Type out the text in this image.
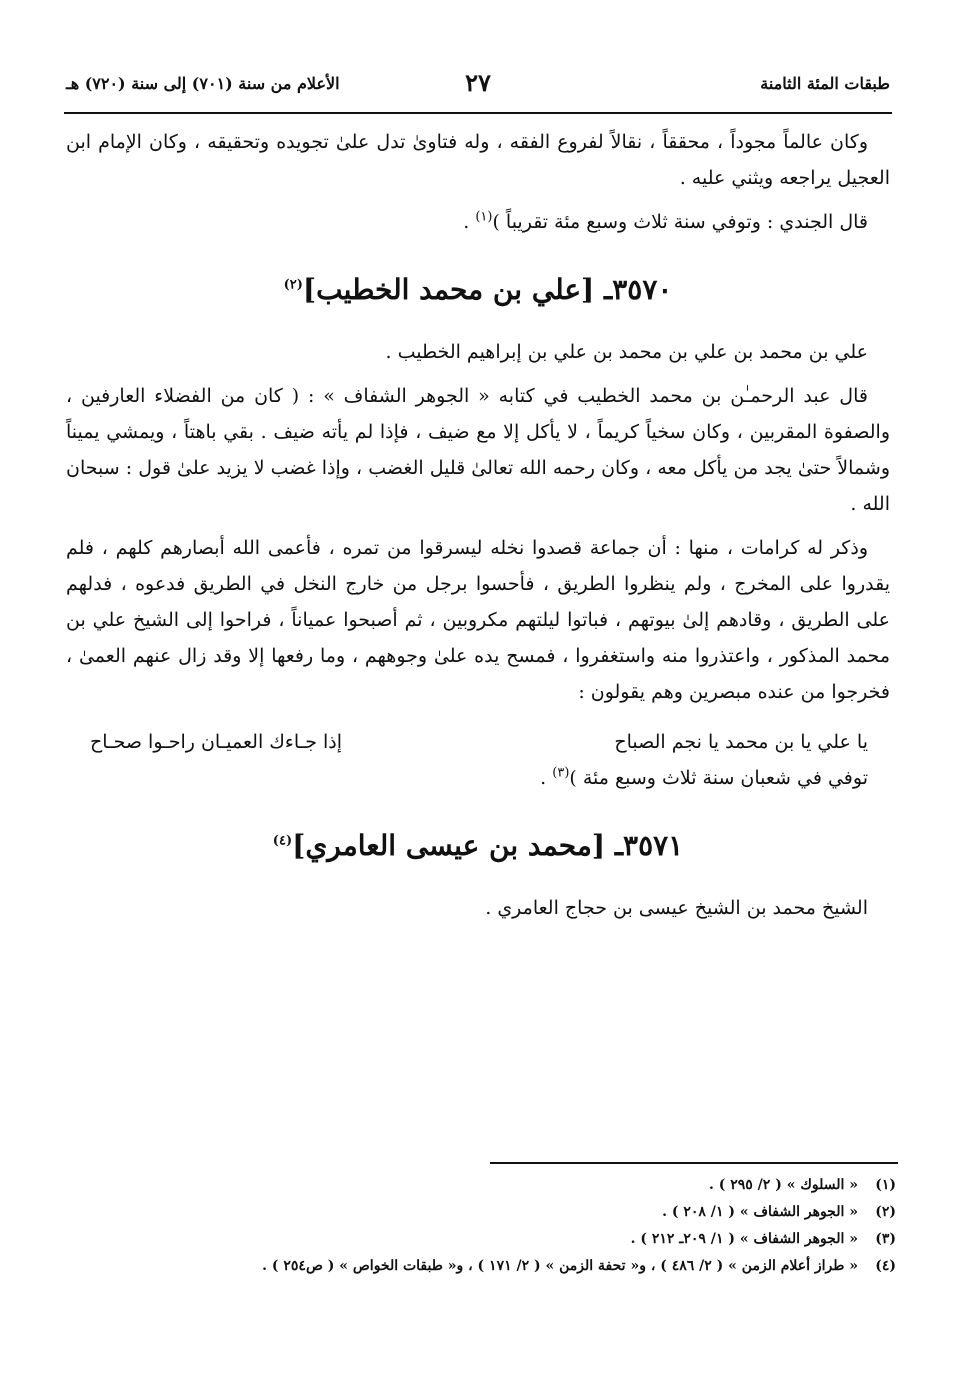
طبقات المئة الثامنة
٢٧
الأعلام من سنة (٧٠١) إلى سنة (٧٢٠) هـ

وكان عالماً مجوداً ، محققاً ، نقالاً لفروع الفقه ، وله فتاوىٰ تدل علىٰ تجويده وتحقيقه ، وكان الإمام ابن العجيل يراجعه ويثني عليه .

قال الجندي : وتوفي سنة ثلاث وسبع مئة تقريباً )$^{(١)}$ .

٣٥٧٠ـ [علي بن محمد الخطيب]$^{(٢)}$

علي بن محمد بن علي بن محمد بن علي بن إبراهيم الخطيب .

قال عبد الرحمـٰن بن محمد الخطيب في كتابه « الجوهر الشفاف » : ( كان من الفضلاء العارفين ، والصفوة المقربين ، وكان سخياً كريماً ، لا يأكل إلا مع ضيف ، فإذا لم يأته ضيف . بقي باهتاً ، ويمشي يميناً وشمالاً حتىٰ يجد من يأكل معه ، وكان رحمه الله تعالىٰ قليل الغضب ، وإذا غضب لا يزيد علىٰ قول : سبحان الله .

وذكر له كرامات ، منها : أن جماعة قصدوا نخله ليسرقوا من تمره ، فأعمى الله أبصارهم كلهم ، فلم يقدروا على المخرج ، ولم ينظروا الطريق ، فأحسوا برجل من خارج النخل في الطريق فدعوه ، فدلهم على الطريق ، وقادهم إلىٰ بيوتهم ، فباتوا ليلتهم مكروبين ، ثم أصبحوا عمياناً ، فراحوا إلى الشيخ علي بن محمد المذكور ، واعتذروا منه واستغفروا ، فمسح يده علىٰ وجوههم ، وما رفعها إلا وقد زال عنهم العمىٰ ، فخرجوا من عنده مبصرين وهم يقولون :

يا علي يا بن محمد يا نجم الصباح
إذا جـاءك العميـان راحـوا صحـاح

توفي في شعبان سنة ثلاث وسبع مئة )$^{(٣)}$ .

٣٥٧١ـ [محمد بن عيسى العامري]$^{(٤)}$

الشيخ محمد بن الشيخ عيسى بن حجاج العامري .

(١)
« السلوك » ( ٢/ ٢٩٥ ) .
(٢)
« الجوهر الشفاف » ( ١/ ٢٠٨ ) .
(٣)
« الجوهر الشفاف » ( ١/ ٢٠٩ـ ٢١٢ ) .
(٤)
« طراز أعلام الزمن » ( ٢/ ٤٨٦ ) ، و« تحفة الزمن » ( ٢/ ١٧١ ) ، و« طبقات الخواص » ( ص٢٥٤ ) .
